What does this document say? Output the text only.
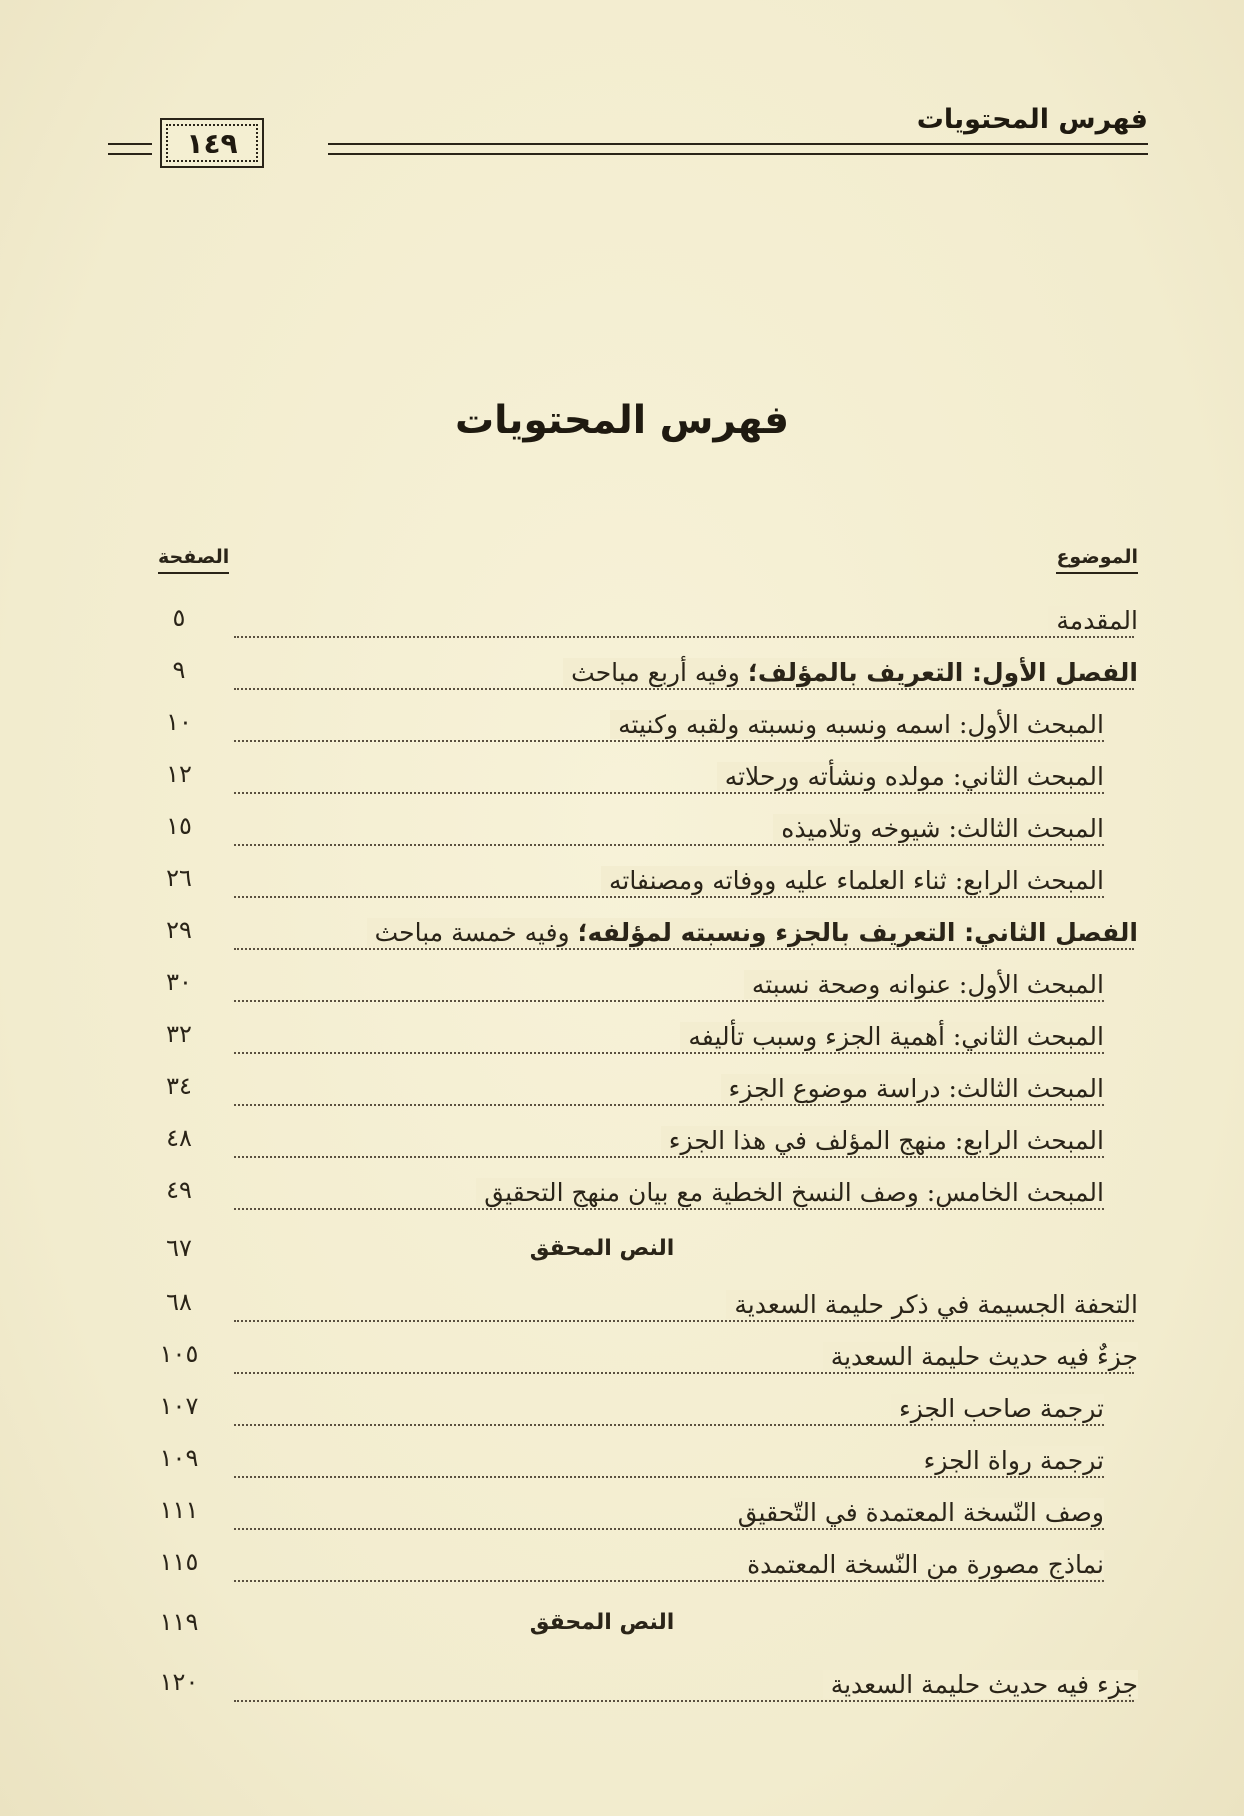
فهرس المحتويات
١٤٩
فهرس المحتويات
الموضوع
الصفحة
المقدمة
٥
الفصل الأول: التعريف بالمؤلف؛ وفيه أربع مباحث
٩
المبحث الأول: اسمه ونسبه ونسبته ولقبه وكنيته
١٠
المبحث الثاني: مولده ونشأته ورحلاته
١٢
المبحث الثالث: شيوخه وتلاميذه
١٥
المبحث الرابع: ثناء العلماء عليه ووفاته ومصنفاته
٢٦
الفصل الثاني: التعريف بالجزء ونسبته لمؤلفه؛ وفيه خمسة مباحث
٢٩
المبحث الأول: عنوانه وصحة نسبته
٣٠
المبحث الثاني: أهمية الجزء وسبب تأليفه
٣٢
المبحث الثالث: دراسة موضوع الجزء
٣٤
المبحث الرابع: منهج المؤلف في هذا الجزء
٤٨
المبحث الخامس: وصف النسخ الخطية مع بيان منهج التحقيق
٤٩
النص المحقق
٦٧
التحفة الجسيمة في ذكر حليمة السعدية
٦٨
جزءٌ فيه حديث حليمة السعدية
١٠٥
ترجمة صاحب الجزء
١٠٧
ترجمة رواة الجزء
١٠٩
وصف النّسخة المعتمدة في التّحقيق
١١١
نماذج مصورة من النّسخة المعتمدة
١١٥
النص المحقق
١١٩
جزء فيه حديث حليمة السعدية
١٢٠
